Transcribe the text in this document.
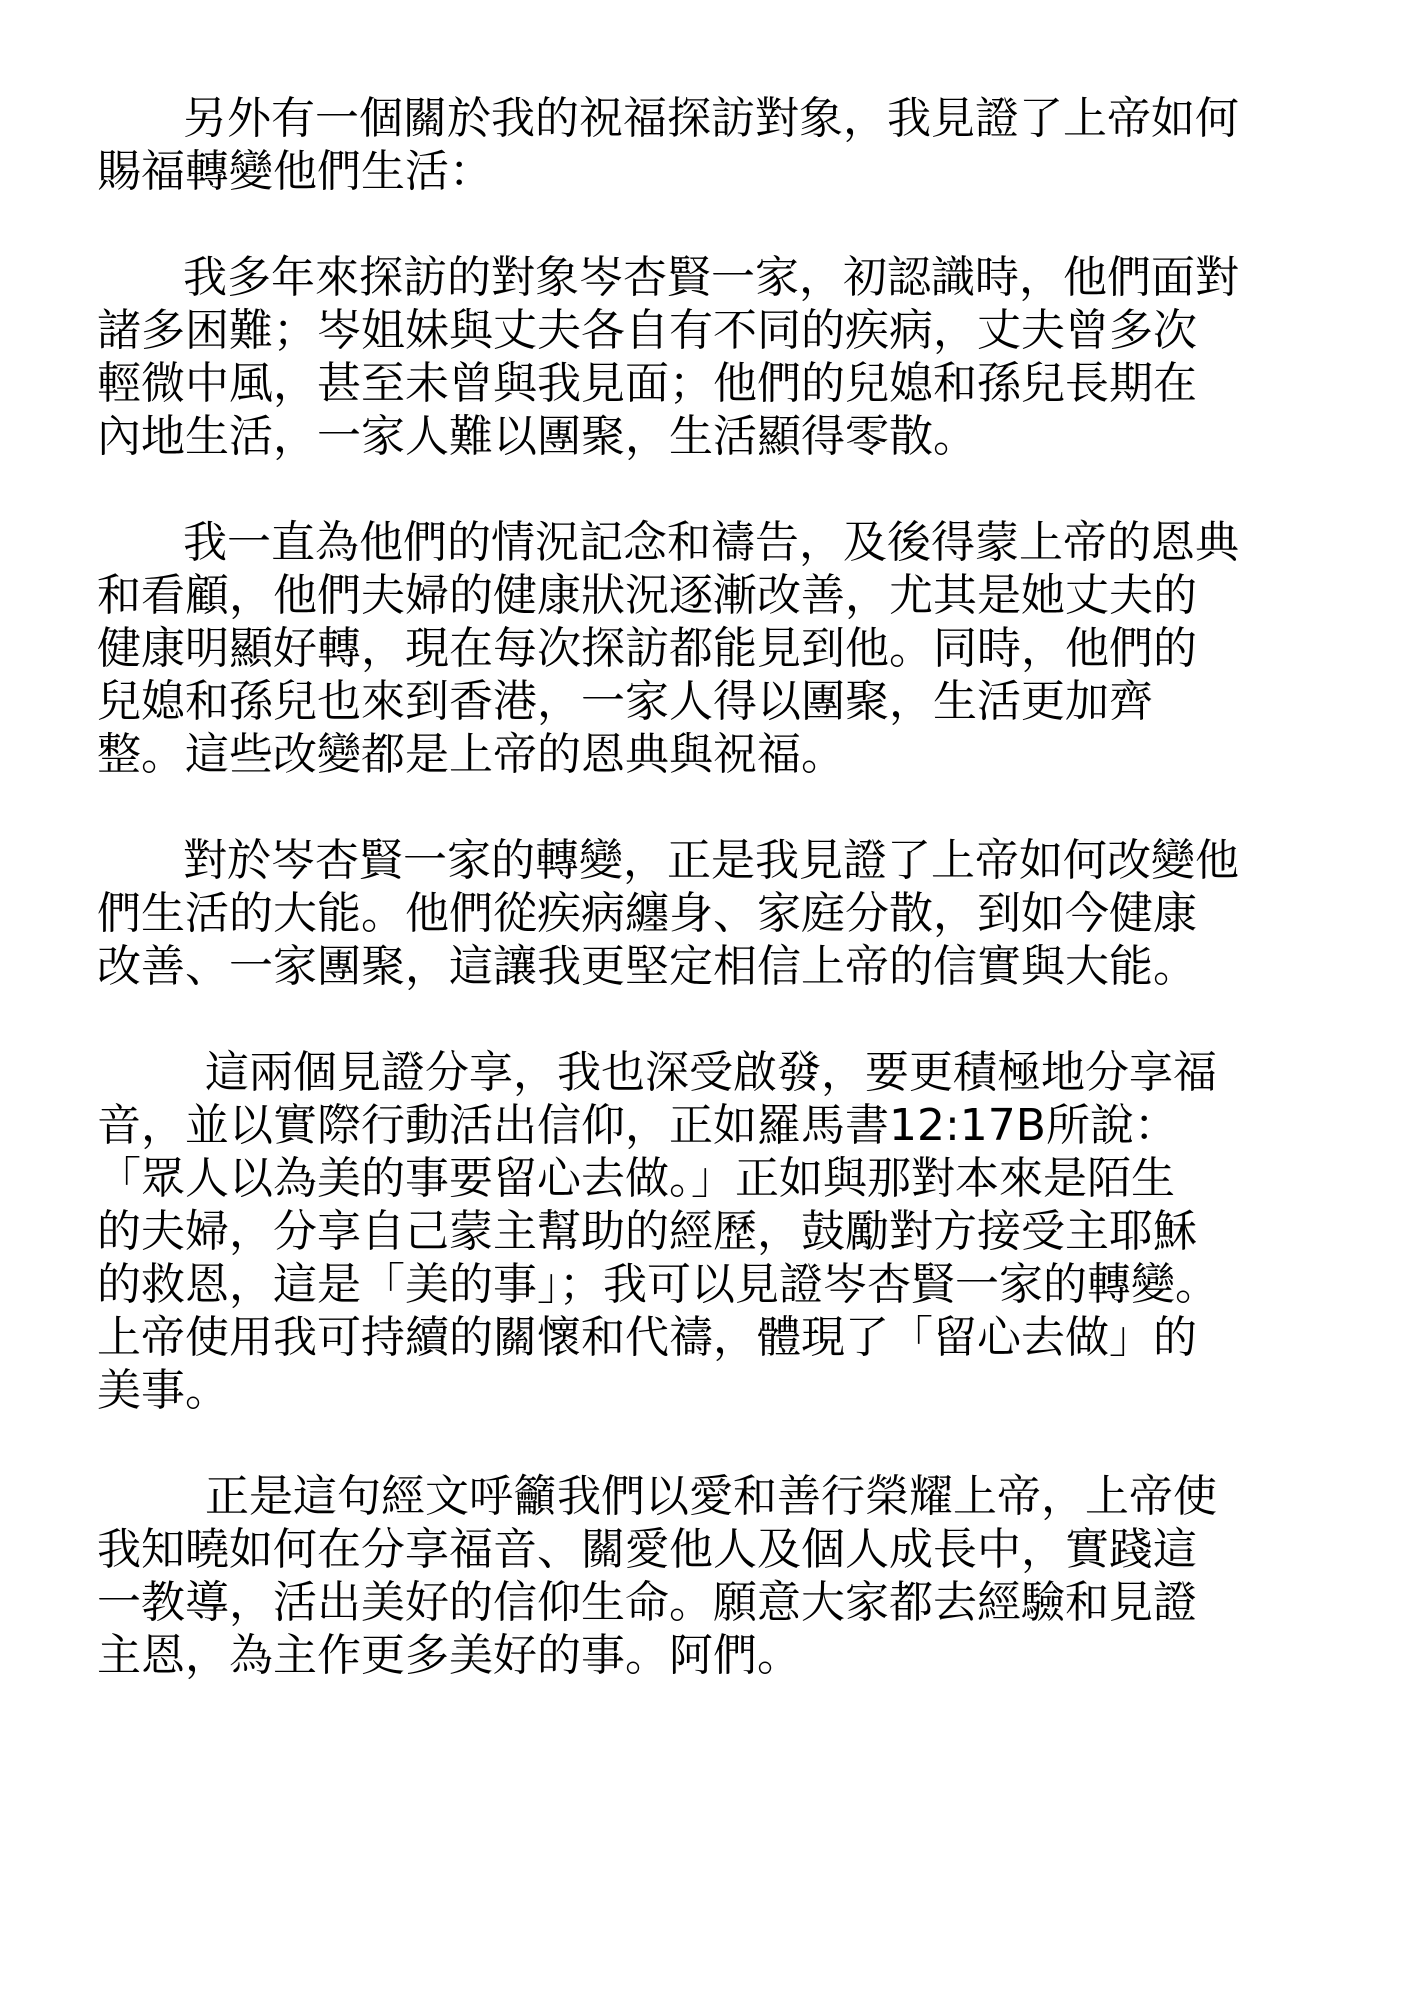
另外有一個關於我的祝福探訪對象，我見證了上帝如何
賜福轉變他們生活：

我多年來探訪的對象岑杏賢一家，初認識時，他們面對
諸多困難；岑姐妹與丈夫各自有不同的疾病，丈夫曾多次
輕微中風，甚至未曾與我見面；他們的兒媳和孫兒長期在
內地生活，一家人難以團聚，生活顯得零散。

我一直為他們的情況記念和禱告，及後得蒙上帝的恩典
和看顧，他們夫婦的健康狀況逐漸改善，尤其是她丈夫的
健康明顯好轉，現在每次探訪都能見到他。同時，他們的
兒媳和孫兒也來到香港，一家人得以團聚，生活更加齊
整。這些改變都是上帝的恩典與祝福。

對於岑杏賢一家的轉變，正是我見證了上帝如何改變他
們生活的大能。他們從疾病纏身、家庭分散，到如今健康
改善、一家團聚，這讓我更堅定相信上帝的信實與大能。

這兩個見證分享，我也深受啟發，要更積極地分享福
音，並以實際行動活出信仰，正如羅馬書12:17B所說：
「眾人以為美的事要留心去做。」正如與那對本來是陌生
的夫婦，分享自己蒙主幫助的經歷，鼓勵對方接受主耶穌
的救恩，這是「美的事」；我可以見證岑杏賢一家的轉變。
上帝使用我可持續的關懷和代禱，體現了「留心去做」的
美事。

正是這句經文呼籲我們以愛和善行榮耀上帝，上帝使
我知曉如何在分享福音、關愛他人及個人成長中，實踐這
一教導，活出美好的信仰生命。願意大家都去經驗和見證
主恩，為主作更多美好的事。阿們。
